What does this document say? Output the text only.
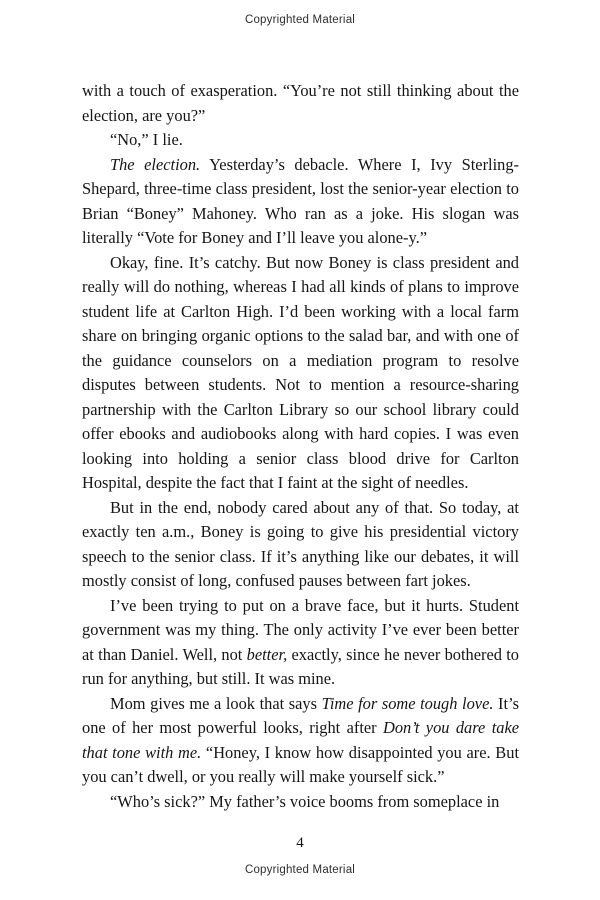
Copyrighted Material

with a touch of exasperation. “You’re not still thinking about the election, are you?”

“No,” I lie.

The election. Yesterday’s debacle. Where I, Ivy Sterling-Shepard, three-time class president, lost the senior-year election to Brian “Boney” Mahoney. Who ran as a joke. His slogan was literally “Vote for Boney and I’ll leave you alone-y.”

Okay, fine. It’s catchy. But now Boney is class president and really will do nothing, whereas I had all kinds of plans to improve student life at Carlton High. I’d been working with a local farm share on bringing organic options to the salad bar, and with one of the guidance counselors on a mediation program to resolve disputes between students. Not to mention a resource-sharing partnership with the Carlton Library so our school library could offer ebooks and audiobooks along with hard copies. I was even looking into holding a senior class blood drive for Carlton Hospital, despite the fact that I faint at the sight of needles.

But in the end, nobody cared about any of that. So today, at exactly ten a.m., Boney is going to give his presidential victory speech to the senior class. If it’s anything like our debates, it will mostly consist of long, confused pauses between fart jokes.

I’ve been trying to put on a brave face, but it hurts. Student government was my thing. The only activity I’ve ever been better at than Daniel. Well, not better, exactly, since he never bothered to run for anything, but still. It was mine.

Mom gives me a look that says Time for some tough love. It’s one of her most powerful looks, right after Don’t you dare take that tone with me. “Honey, I know how disappointed you are. But you can’t dwell, or you really will make yourself sick.”

“Who’s sick?” My father’s voice booms from someplace in

4
Copyrighted Material
